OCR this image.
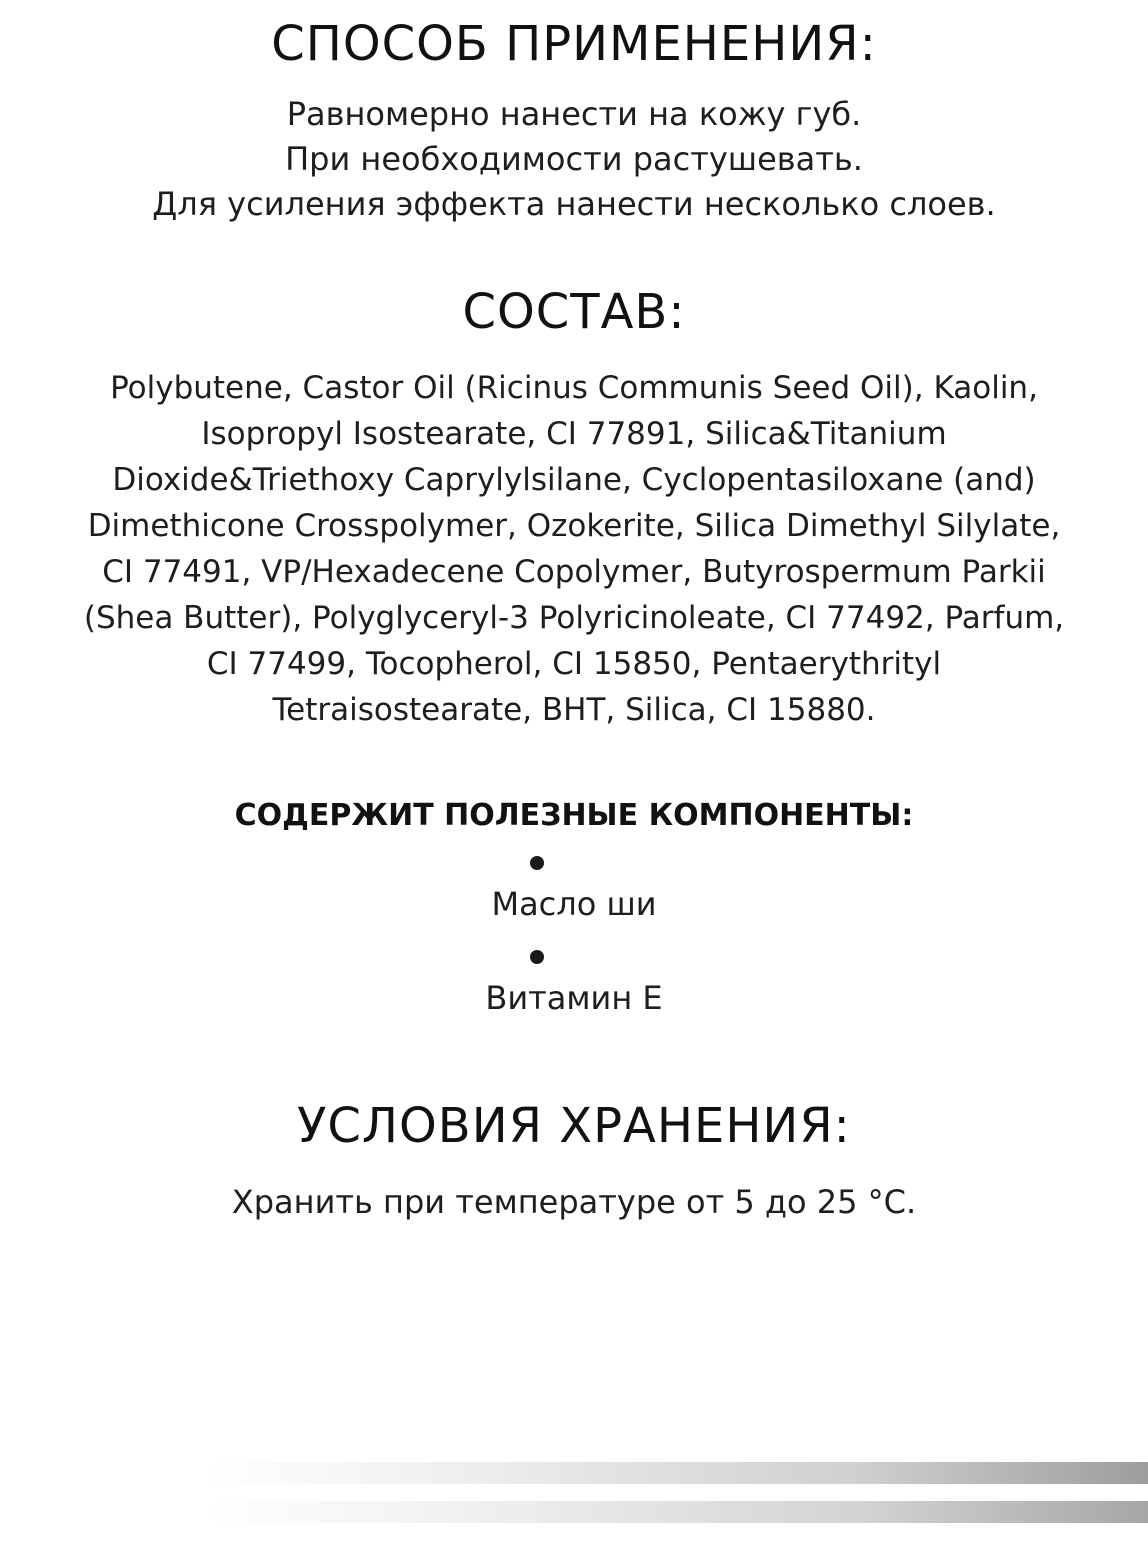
СПОСОБ ПРИМЕНЕНИЯ:
Равномерно нанести на кожу губ.
При необходимости растушевать.
Для усиления эффекта нанести несколько слоев.
СОСТАВ:
Polybutene, Castor Oil (Ricinus Communis Seed Oil), Kaolin,
Isopropyl Isostearate, CI 77891, Silica&Titanium
Dioxide&Triethoxy Caprylylsilane, Cyclopentasiloxane (and)
Dimethicone Crosspolymer, Ozokerite, Silica Dimethyl Silylate,
CI 77491, VP/Hexadecene Copolymer, Butyrospermum Parkii
(Shea Butter), Polyglyceryl-3 Polyricinoleate, CI 77492, Parfum,
CI 77499, Tocopherol, CI 15850, Pentaerythrityl
Tetraisostearate, BHT, Silica, CI 15880.
СОДЕРЖИТ ПОЛЕЗНЫЕ КОМПОНЕНТЫ:
Масло ши
Витамин Е
УСЛОВИЯ ХРАНЕНИЯ:
Хранить при температуре от 5 до 25 °C.
